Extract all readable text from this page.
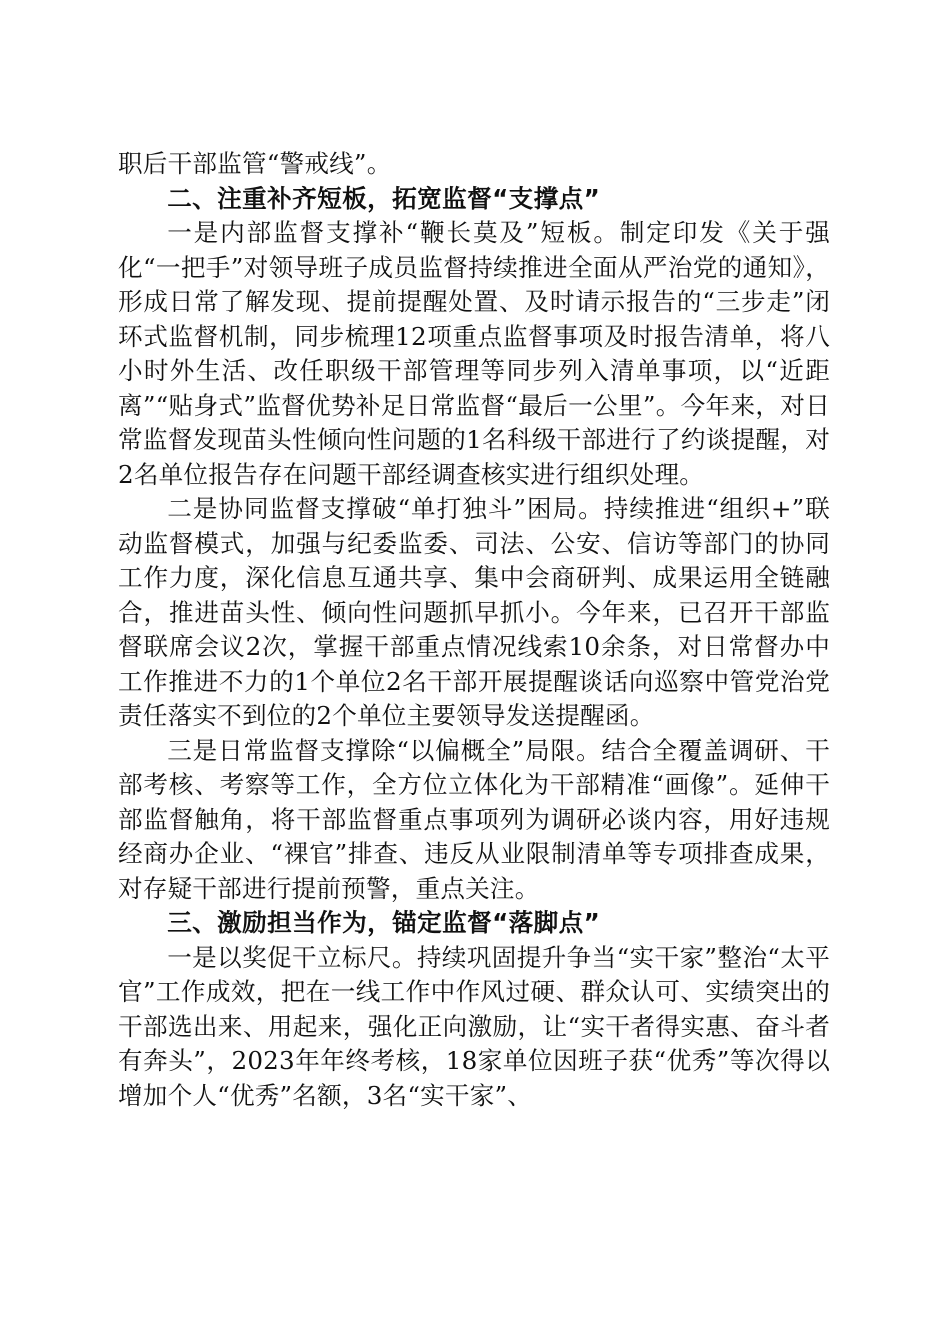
职后干部监管“警戒线”。

二、注重补齐短板，拓宽监督“支撑点”

一是内部监督支撑补“鞭长莫及”短板。制定印发《关于强化“一把手”对领导班子成员监督持续推进全面从严治党的通知》，形成日常了解发现、提前提醒处置、及时请示报告的“三步走”闭环式监督机制，同步梳理12项重点监督事项及时报告清单，将八小时外生活、改任职级干部管理等同步列入清单事项，以“近距离”“贴身式”监督优势补足日常监督“最后一公里”。今年来，对日常监督发现苗头性倾向性问题的1名科级干部进行了约谈提醒，对2名单位报告存在问题干部经调查核实进行组织处理。

二是协同监督支撑破“单打独斗”困局。持续推进“组织+”联动监督模式，加强与纪委监委、司法、公安、信访等部门的协同工作力度，深化信息互通共享、集中会商研判、成果运用全链融合，推进苗头性、倾向性问题抓早抓小。今年来，已召开干部监督联席会议2次，掌握干部重点情况线索10余条，对日常督办中工作推进不力的1个单位2名干部开展提醒谈话向巡察中管党治党责任落实不到位的2个单位主要领导发送提醒函。

三是日常监督支撑除“以偏概全”局限。结合全覆盖调研、干部考核、考察等工作，全方位立体化为干部精准“画像”。延伸干部监督触角，将干部监督重点事项列为调研必谈内容，用好违规经商办企业、“裸官”排查、违反从业限制清单等专项排查成果，对存疑干部进行提前预警，重点关注。

三、激励担当作为，锚定监督“落脚点”

一是以奖促干立标尺。持续巩固提升争当“实干家”整治“太平官”工作成效，把在一线工作中作风过硬、群众认可、实绩突出的干部选出来、用起来，强化正向激励，让“实干者得实惠、奋斗者有奔头”，2023年年终考核，18家单位因班子获“优秀”等次得以增加个人“优秀”名额，3名“实干家”、
